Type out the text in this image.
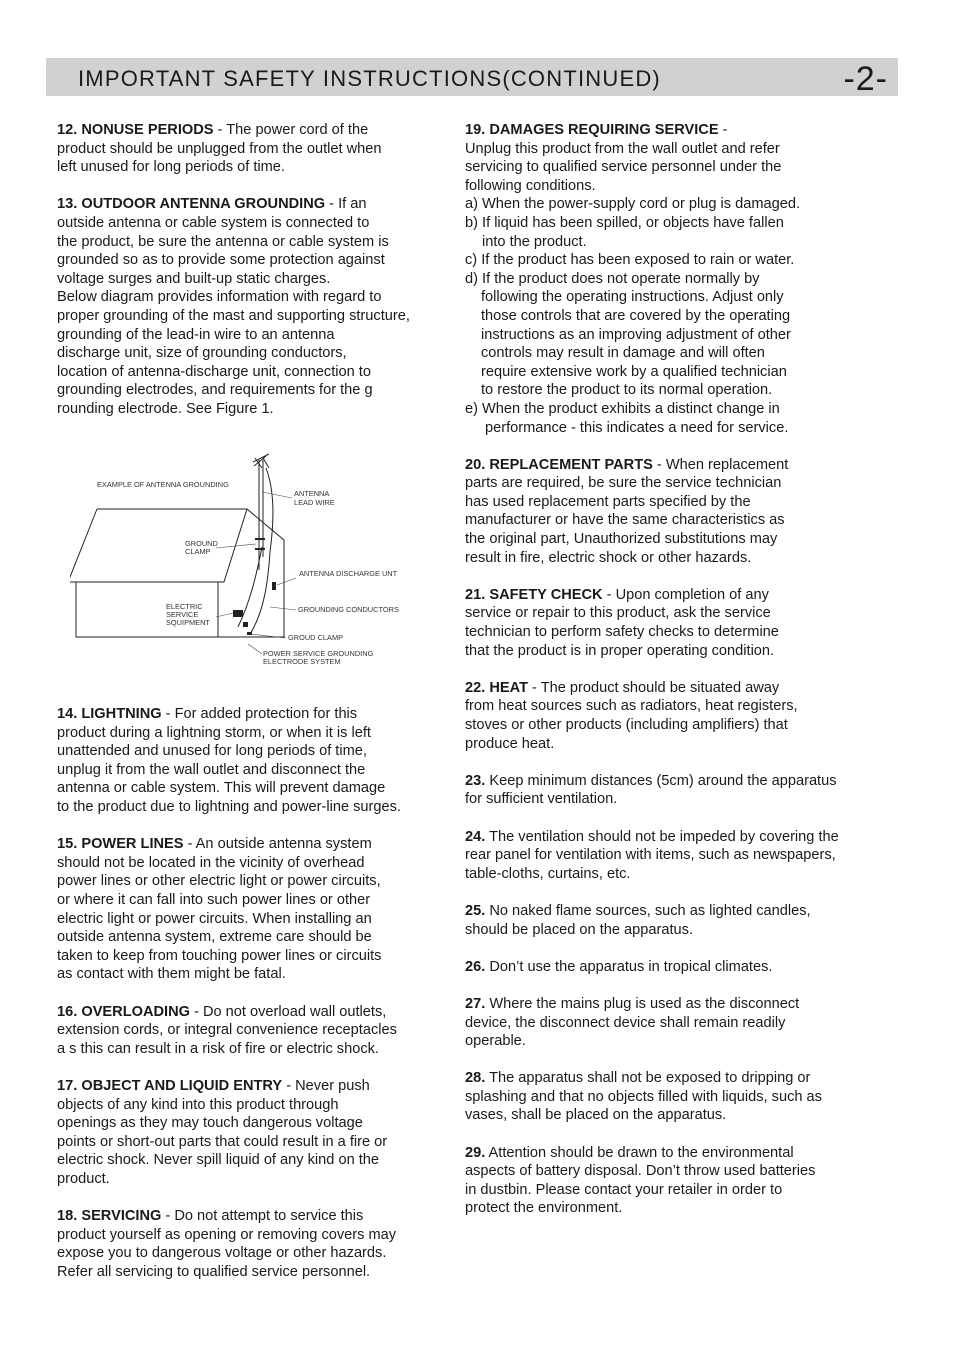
IMPORTANT SAFETY INSTRUCTIONS(CONTINUED)	-2-

12. NONUSE PERIODS - The power cord of the
product should be unplugged from the outlet when
left unused for long periods of time.

13. OUTDOOR ANTENNA GROUNDING - If an
outside antenna or cable system is connected to
the product, be sure the antenna or cable system is
grounded so as to provide some protection against
voltage surges and built-up static charges.
Below diagram provides information with regard to
proper grounding of the mast and supporting structure,
grounding of the lead-in wire to an antenna
discharge unit, size of grounding conductors,
location of antenna-discharge unit, connection to
grounding electrodes, and requirements for the g
rounding electrode. See Figure 1.

14. LIGHTNING - For added protection for this
product during a lightning storm, or when it is left
unattended and unused for long periods of time,
unplug it from the wall outlet and disconnect the
antenna or cable system. This will prevent damage
to the product due to lightning and power-line surges.

15. POWER LINES - An outside antenna system
should not be located in the vicinity of overhead
power lines or other electric light or power circuits,
or where it can fall into such power lines or other
electric light or power circuits. When installing an
outside antenna system, extreme care should be
taken to keep from touching power lines or circuits
as contact with them might be fatal.

16. OVERLOADING - Do not overload wall outlets,
extension cords, or integral convenience receptacles
a s this can result in a risk of fire or electric shock.

17. OBJECT AND LIQUID ENTRY - Never push
objects of any kind into this product through
openings as they may touch dangerous voltage
points or short-out parts that could result in a fire or
electric shock. Never spill liquid of any kind on the
product.

18. SERVICING - Do not attempt to service this
product yourself as opening or removing covers may
expose you to dangerous voltage or other hazards.
Refer all servicing to qualified service personnel.

EXAMPLE OF ANTENNA GROUNDING
ANTENNA
LEAD WIRE
GROUND
CLAMP
ANTENNA DISCHARGE UNT
ELECTRIC
SERVICE
SQUIPMENT
GROUNDING CONDUCTORS
GROUD CLAMP
POWER SERVICE GROUNDING
ELECTRODE SYSTEM

19. DAMAGES REQUIRING SERVICE -
Unplug this product from the wall outlet and refer
servicing to qualified service personnel under the
following conditions.
a) When the power-supply cord or plug is damaged.
b) If liquid has been spilled, or objects have fallen
into the product.
c) If the product has been exposed to rain or water.
d) If the product does not operate normally by
following the operating instructions. Adjust only
those controls that are covered by the operating
instructions as an improving adjustment of other
controls may result in damage and will often
require extensive work by a qualified technician
to restore the product to its normal operation.
e) When the product exhibits a distinct change in
performance - this indicates a need for service.

20. REPLACEMENT PARTS - When replacement
parts are required, be sure the service technician
has used replacement parts specified by the
manufacturer or have the same characteristics as
the original part, Unauthorized substitutions may
result in fire, electric shock or other hazards.

21. SAFETY CHECK - Upon completion of any
service or repair to this product, ask the service
technician to perform safety checks to determine
that the product is in proper operating condition.

22. HEAT - The product should be situated away
from heat sources such as radiators, heat registers,
stoves or other products (including amplifiers) that
produce heat.

23. Keep minimum distances (5cm) around the apparatus
for sufficient ventilation.

24. The ventilation should not be impeded by covering the
rear panel for ventilation with items, such as newspapers,
table-cloths, curtains, etc.

25. No naked flame sources, such as lighted candles,
should be placed on the apparatus.

26. Don’t use the apparatus in tropical climates.

27. Where the mains plug is used as the disconnect
device, the disconnect device shall remain readily
operable.

28. The apparatus shall not be exposed to dripping or
splashing and that no objects filled with liquids, such as
vases, shall be placed on the apparatus.

29. Attention should be drawn to the environmental
aspects of battery disposal. Don’t throw used batteries
in dustbin. Please contact your retailer in order to
protect the environment.
